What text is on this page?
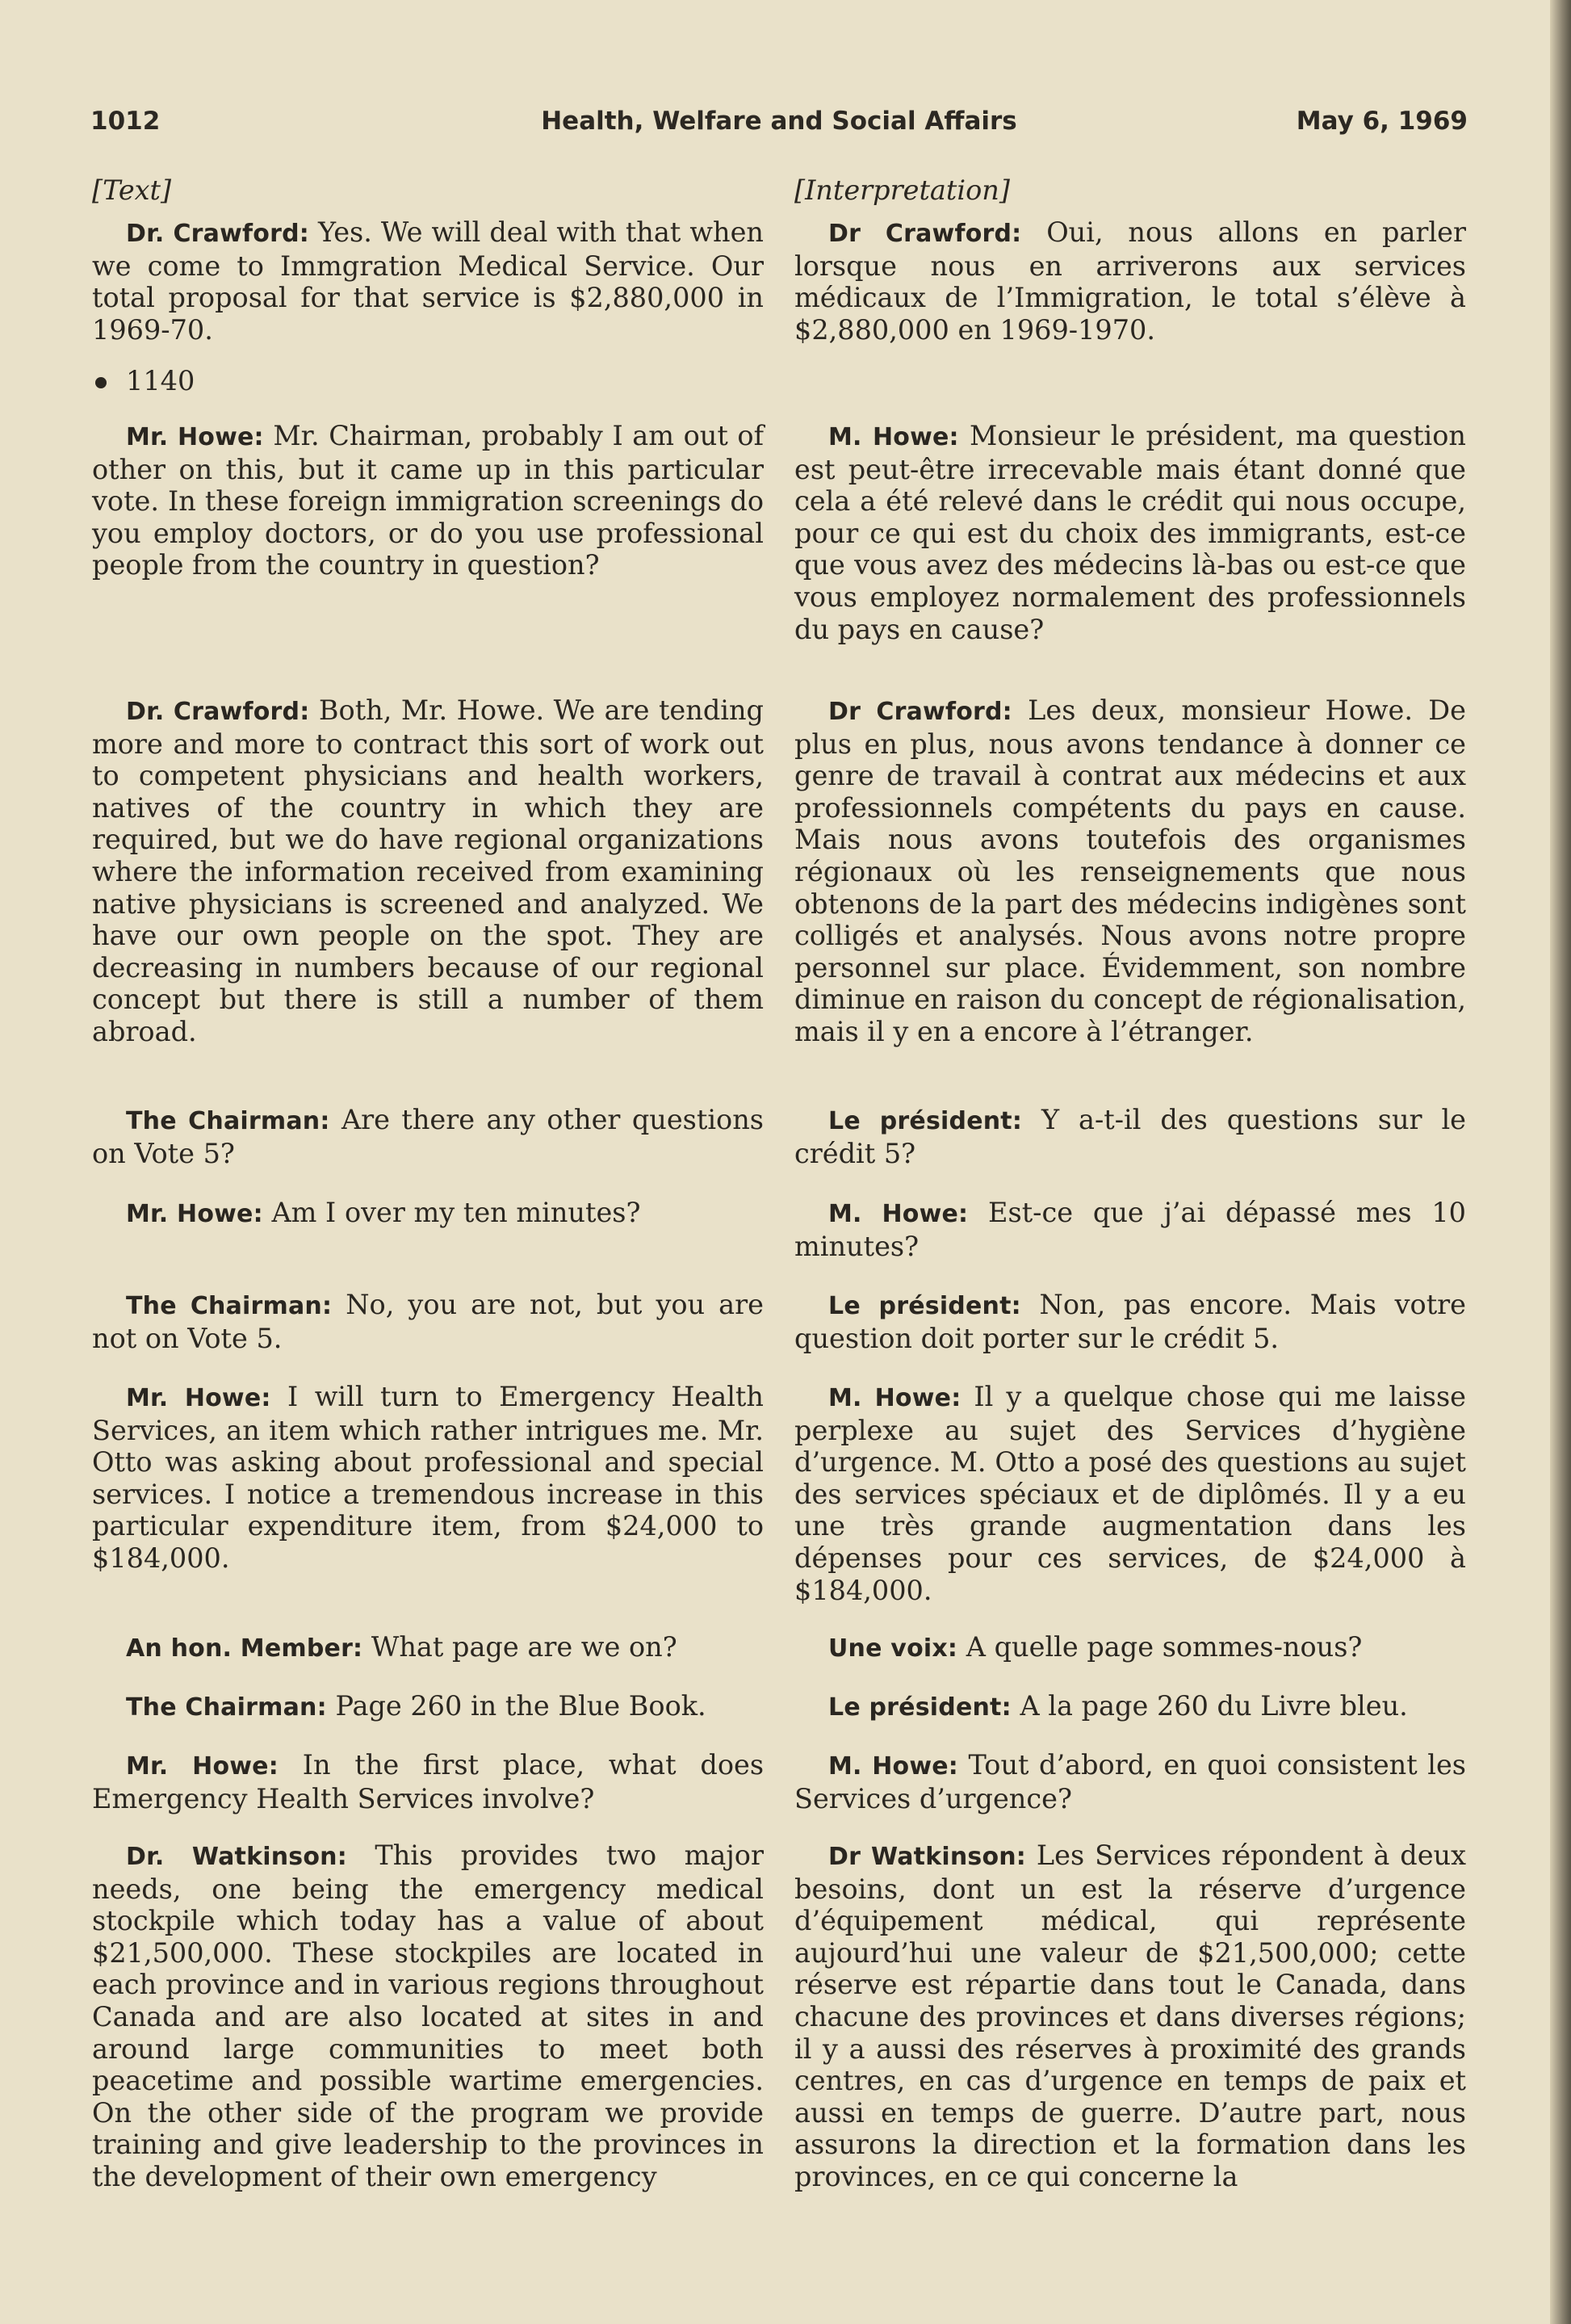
1012	Health, Welfare and Social Affairs	May 6, 1969
[Text]
Dr. Crawford: Yes. We will deal with that when we come to Immgration Medical Service. Our total proposal for that service is $2,880,000 in 1969-70.
1140
Mr. Howe: Mr. Chairman, probably I am out of other on this, but it came up in this particular vote. In these foreign immigration screenings do you employ doctors, or do you use professional people from the country in question?
Dr. Crawford: Both, Mr. Howe. We are tending more and more to contract this sort of work out to competent physicians and health workers, natives of the country in which they are required, but we do have regional organizations where the information received from examining native physicians is screened and analyzed. We have our own people on the spot. They are decreasing in numbers because of our regional concept but there is still a number of them abroad.
The Chairman: Are there any other questions on Vote 5?
Mr. Howe: Am I over my ten minutes?
The Chairman: No, you are not, but you are not on Vote 5.
Mr. Howe: I will turn to Emergency Health Services, an item which rather intrigues me. Mr. Otto was asking about professional and special services. I notice a tremendous increase in this particular expenditure item, from $24,000 to $184,000.
An hon. Member: What page are we on?
The Chairman: Page 260 in the Blue Book.
Mr. Howe: In the first place, what does Emergency Health Services involve?
Dr. Watkinson: This provides two major needs, one being the emergency medical stockpile which today has a value of about $21,500,000. These stockpiles are located in each province and in various regions throughout Canada and are also located at sites in and around large communities to meet both peacetime and possible wartime emergencies. On the other side of the program we provide training and give leadership to the provinces in the development of their own emergency
[Interpretation]
Dr Crawford: Oui, nous allons en parler lorsque nous en arriverons aux services médicaux de l’Immigration, le total s’élève à $2,880,000 en 1969-1970.
M. Howe: Monsieur le président, ma question est peut-être irrecevable mais étant donné que cela a été relevé dans le crédit qui nous occupe, pour ce qui est du choix des immigrants, est-ce que vous avez des médecins là-bas ou est-ce que vous employez normalement des professionnels du pays en cause?
Dr Crawford: Les deux, monsieur Howe. De plus en plus, nous avons tendance à donner ce genre de travail à contrat aux médecins et aux professionnels compétents du pays en cause. Mais nous avons toutefois des organismes régionaux où les renseignements que nous obtenons de la part des médecins indigènes sont colligés et analysés. Nous avons notre propre personnel sur place. Évidemment, son nombre diminue en raison du concept de régionalisation, mais il y en a encore à l’étranger.
Le président: Y a-t-il des questions sur le crédit 5?
M. Howe: Est-ce que j’ai dépassé mes 10 minutes?
Le président: Non, pas encore. Mais votre question doit porter sur le crédit 5.
M. Howe: Il y a quelque chose qui me laisse perplexe au sujet des Services d’hygiène d’urgence. M. Otto a posé des questions au sujet des services spéciaux et de diplômés. Il y a eu une très grande augmentation dans les dépenses pour ces services, de $24,000 à $184,000.
Une voix: A quelle page sommes-nous?
Le président: A la page 260 du Livre bleu.
M. Howe: Tout d’abord, en quoi consistent les Services d’urgence?
Dr Watkinson: Les Services répondent à deux besoins, dont un est la réserve d’urgence d’équipement médical, qui représente aujourd’hui une valeur de $21,500,000; cette réserve est répartie dans tout le Canada, dans chacune des provinces et dans diverses régions; il y a aussi des réserves à proximité des grands centres, en cas d’urgence en temps de paix et aussi en temps de guerre. D’autre part, nous assurons la direction et la formation dans les provinces, en ce qui concerne la
